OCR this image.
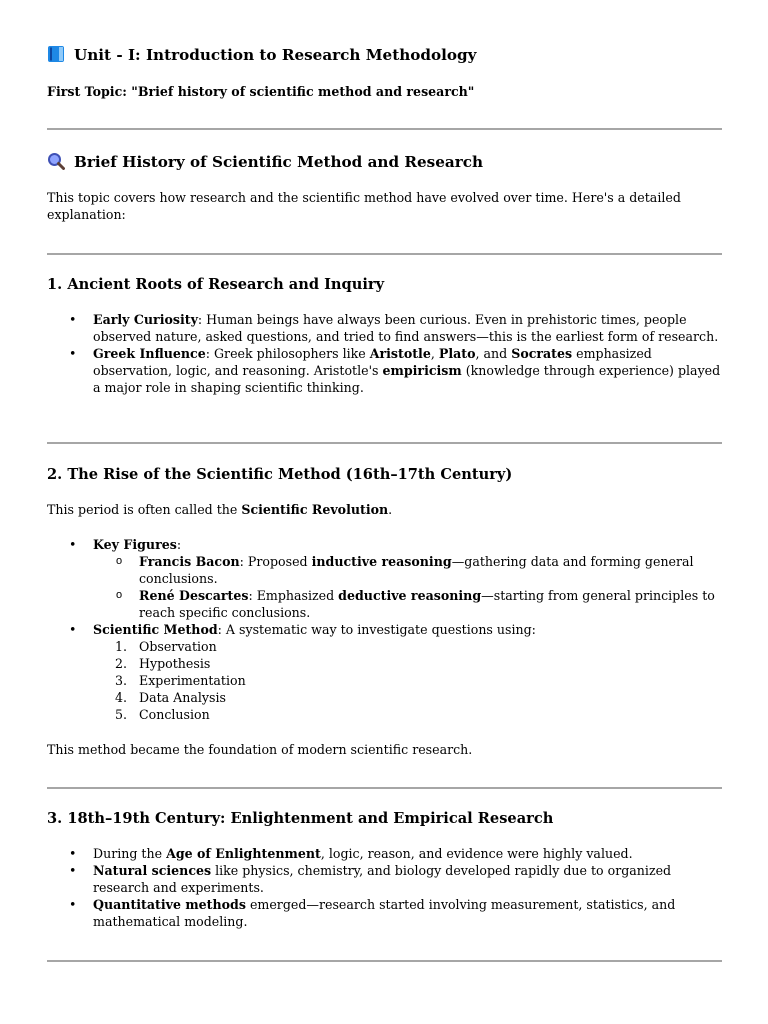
Unit - I: Introduction to Research Methodology
First Topic: "Brief history of scientific method and research"
Brief History of Scientific Method and Research

This topic covers how research and the scientific method have evolved over time. Here's a detailed explanation:

1. Ancient Roots of Research and Inquiry
• Early Curiosity: Human beings have always been curious. Even in prehistoric times, people observed nature, asked questions, and tried to find answers—this is the earliest form of research.
• Greek Influence: Greek philosophers like Aristotle, Plato, and Socrates emphasized observation, logic, and reasoning. Aristotle's empiricism (knowledge through experience) played a major role in shaping scientific thinking.
2. The Rise of the Scientific Method (16th–17th Century)

This period is often called the Scientific Revolution.

• Key Figures:
o Francis Bacon: Proposed inductive reasoning—gathering data and forming general conclusions.
o René Descartes: Emphasized deductive reasoning—starting from general principles to reach specific conclusions.
• Scientific Method: A systematic way to investigate questions using:
1. Observation
2. Hypothesis
3. Experimentation
4. Data Analysis
5. Conclusion

This method became the foundation of modern scientific research.

3. 18th–19th Century: Enlightenment and Empirical Research
• During the Age of Enlightenment, logic, reason, and evidence were highly valued.
• Natural sciences like physics, chemistry, and biology developed rapidly due to organized research and experiments.
• Quantitative methods emerged—research started involving measurement, statistics, and mathematical modeling.
